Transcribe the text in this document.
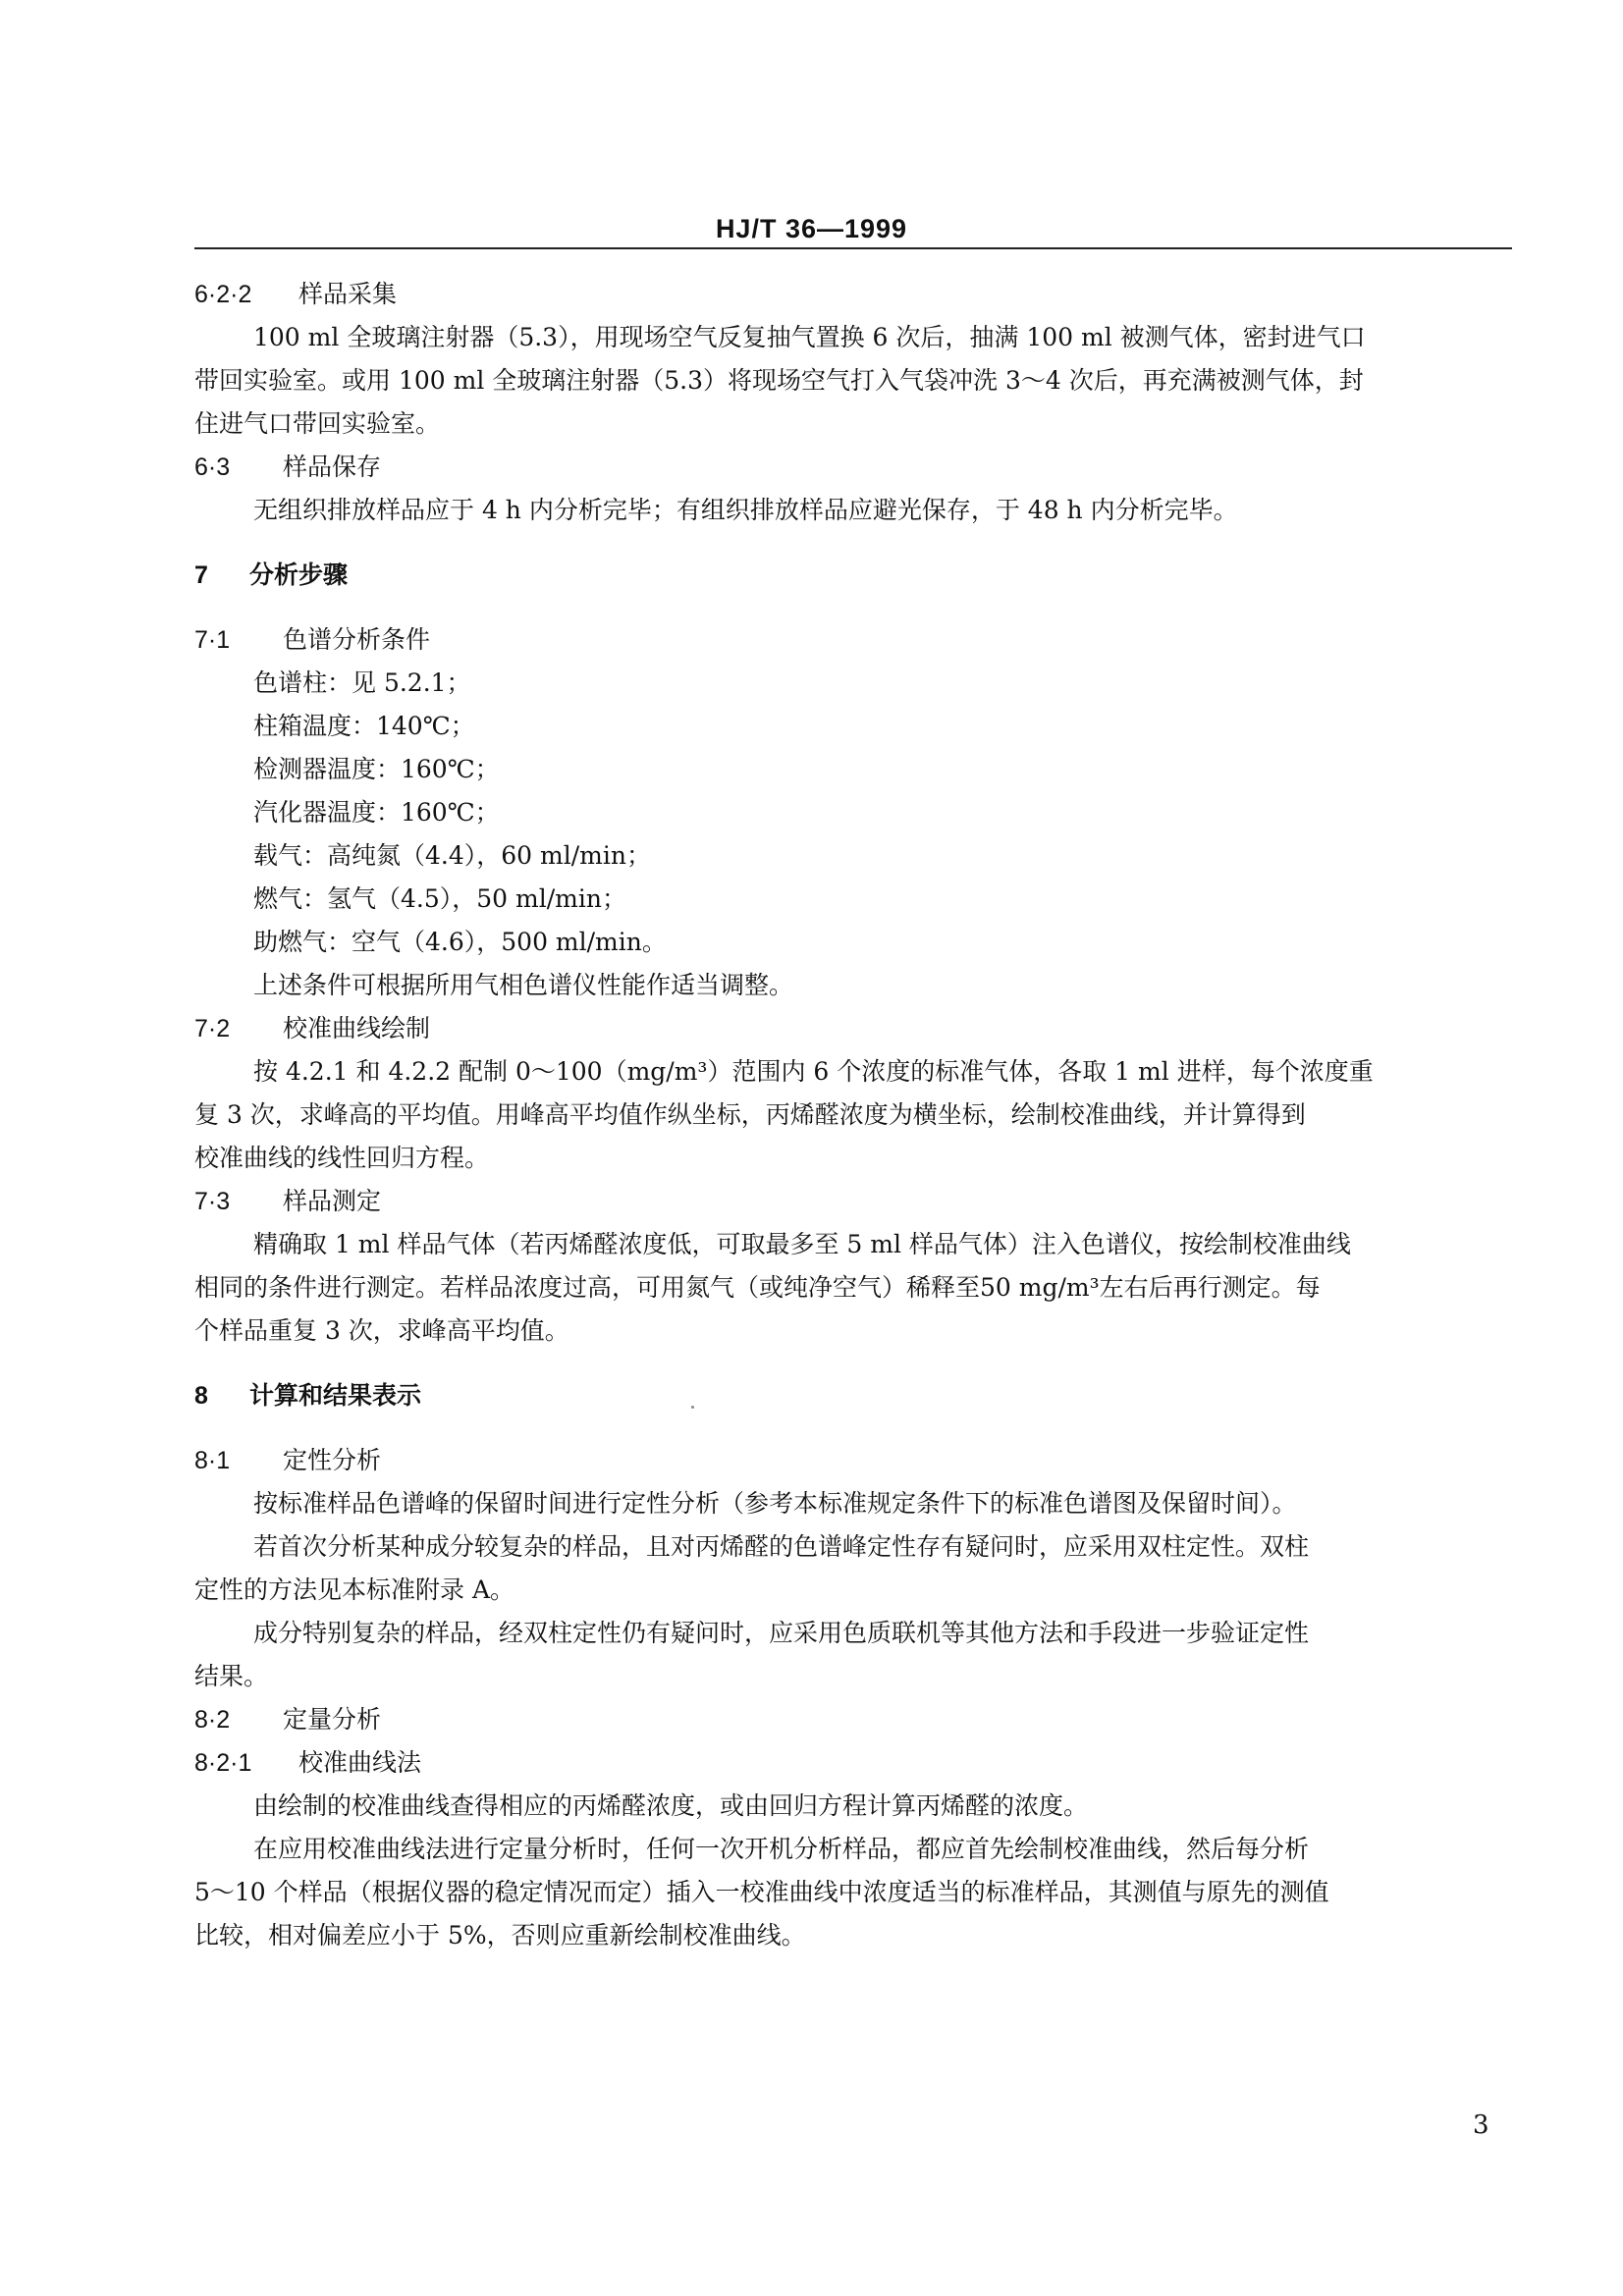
HJ/T 36—1999
6·2·2 样品采集
100 ml 全玻璃注射器（5.3），用现场空气反复抽气置换 6 次后，抽满 100 ml 被测气体，密封进气口
带回实验室。或用 100 ml 全玻璃注射器（5.3）将现场空气打入气袋冲洗 3～4 次后，再充满被测气体，封
住进气口带回实验室。
6·3 样品保存
无组织排放样品应于 4 h 内分析完毕；有组织排放样品应避光保存，于 48 h 内分析完毕。
7 分析步骤
7·1 色谱分析条件
色谱柱：见 5.2.1；
柱箱温度：140℃；
检测器温度：160℃；
汽化器温度：160℃；
载气：高纯氮（4.4），60 ml/min；
燃气：氢气（4.5），50 ml/min；
助燃气：空气（4.6），500 ml/min。
上述条件可根据所用气相色谱仪性能作适当调整。
7·2 校准曲线绘制
按 4.2.1 和 4.2.2 配制 0～100（mg/m³）范围内 6 个浓度的标准气体，各取 1 ml 进样，每个浓度重
复 3 次，求峰高的平均值。用峰高平均值作纵坐标，丙烯醛浓度为横坐标，绘制校准曲线，并计算得到
校准曲线的线性回归方程。
7·3 样品测定
精确取 1 ml 样品气体（若丙烯醛浓度低，可取最多至 5 ml 样品气体）注入色谱仪，按绘制校准曲线
相同的条件进行测定。若样品浓度过高，可用氮气（或纯净空气）稀释至50 mg/m³左右后再行测定。每
个样品重复 3 次，求峰高平均值。
8 计算和结果表示
8·1 定性分析
按标准样品色谱峰的保留时间进行定性分析（参考本标准规定条件下的标准色谱图及保留时间）。
若首次分析某种成分较复杂的样品，且对丙烯醛的色谱峰定性存有疑问时，应采用双柱定性。双柱
定性的方法见本标准附录 A。
成分特别复杂的样品，经双柱定性仍有疑问时，应采用色质联机等其他方法和手段进一步验证定性
结果。
8·2 定量分析
8·2·1 校准曲线法
由绘制的校准曲线查得相应的丙烯醛浓度，或由回归方程计算丙烯醛的浓度。
在应用校准曲线法进行定量分析时，任何一次开机分析样品，都应首先绘制校准曲线，然后每分析
5～10 个样品（根据仪器的稳定情况而定）插入一校准曲线中浓度适当的标准样品，其测值与原先的测值
比较，相对偏差应小于 5%，否则应重新绘制校准曲线。
3
